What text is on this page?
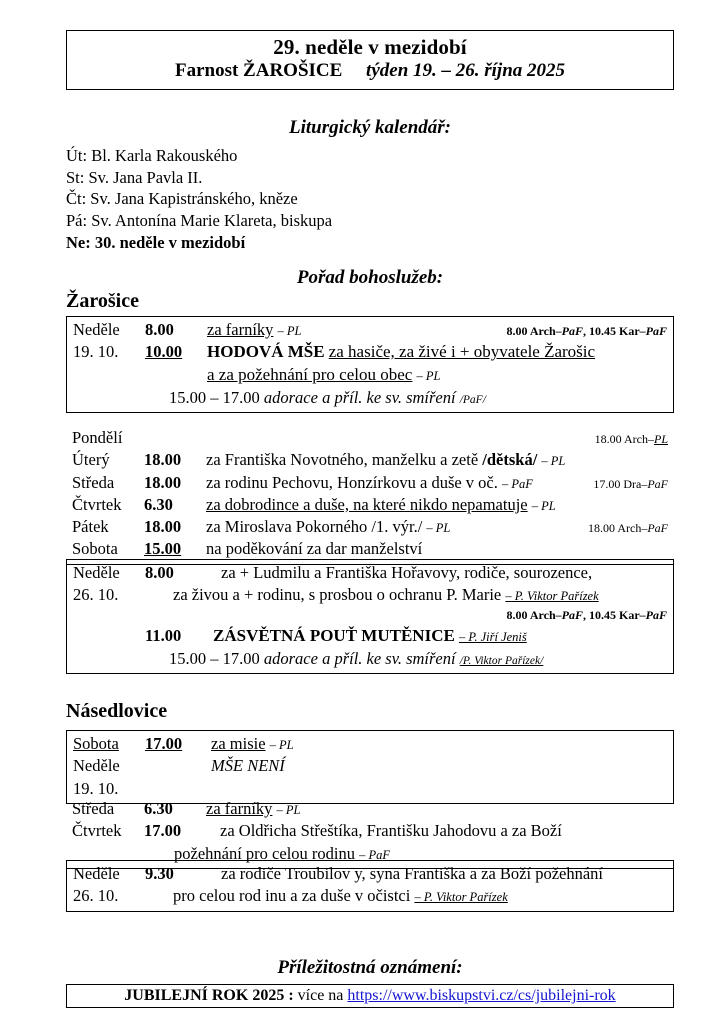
29. neděle v mezidobí
Farnost ŽAROŠICE týden 19. – 26. října 2025
Liturgický kalendář:
Út: Bl. Karla Rakouského
St: Sv. Jana Pavla II.
Čt: Sv. Jana Kapistránského, kněze
Pá: Sv. Antonína Marie Klareta, biskupa
Ne: 30. neděle v mezidobí
Pořad bohoslužeb:
Žarošice
Neděle	8.00	za farníky – PL	8.00 Arch–PaF, 10.45 Kar–PaF
19. 10.	10.00	HODOVÁ MŠE za hasiče, za živé i + obyvatele Žarošic
a za požehnání pro celou obec – PL
15.00 – 17.00 adorace a příl. ke sv. smíření /PaF/
Pondělí	18.00 Arch–PL
Úterý	18.00	za Františka Novotného, manželku a zetě /dětská/ – PL
Středa	18.00	za rodinu Pechovu, Honzírkovu a duše v oč. – PaF	17.00 Dra–PaF
Čtvrtek	6.30	za dobrodince a duše, na které nikdo nepamatuje – PL
Pátek	18.00	za Miroslava Pokorného /1. výr./ – PL	18.00 Arch–PaF
Sobota	15.00	na poděkování za dar manželství
Neděle	8.00	za + Ludmilu a Františka Hořavovy, rodiče, sourozence,
26. 10.	za živou a + rodinu, s prosbou o ochranu P. Marie – P. Viktor Pařízek
8.00 Arch–PaF, 10.45 Kar–PaF
11.00	ZÁSVĚTNÁ POUŤ MUTĚNICE – P. Jiří Jeniš
15.00 – 17.00 adorace a příl. ke sv. smíření /P. Viktor Pařízek/
Násedlovice
Sobota	17.00	za misie – PL
Neděle	MŠE NENÍ
19. 10.
Středa	6.30	za farníky – PL
Čtvrtek	17.00	za Oldřicha Střeštíka, Františku Jahodovu a za Boží
požehnání pro celou rodinu – PaF
Neděle	9.30	za rodiče Troubilov y, syna Františka a za Boží požehnání
26. 10.	pro celou rod inu a za duše v očistci – P. Viktor Pařízek
Příležitostná oznámení:
JUBILEJNÍ ROK 2025 : více na https://www.biskupstvi.cz/cs/jubilejni-rok
